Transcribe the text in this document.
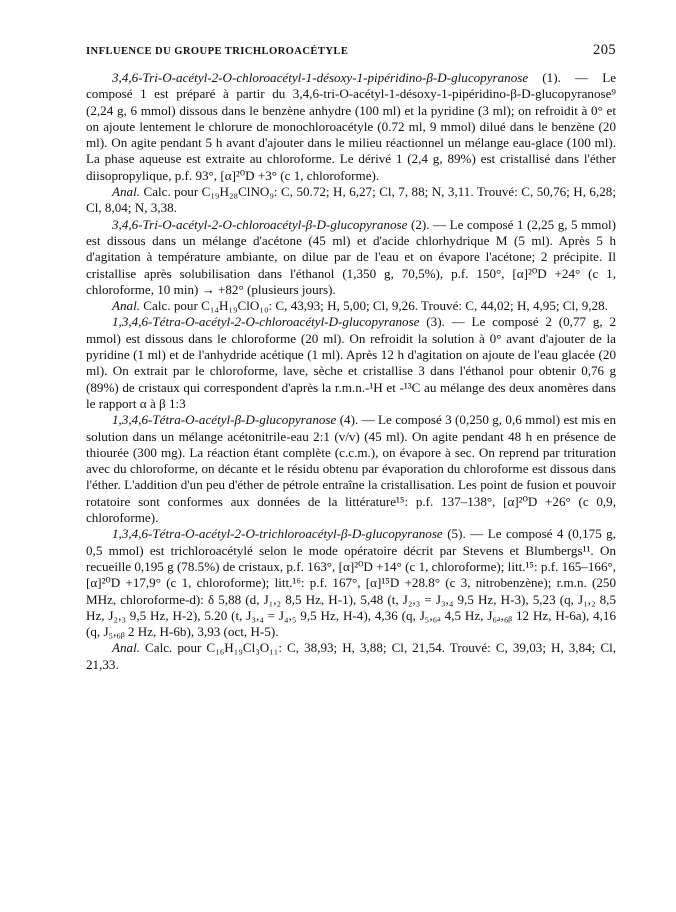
INFLUENCE DU GROUPE TRICHLOROACÉTYLE	205

3,4,6-Tri-O-acétyl-2-O-chloroacétyl-1-désoxy-1-pipéridino-β-D-glucopyranose (1). — Le composé 1 est préparé à partir du 3,4,6-tri-O-acétyl-1-désoxy-1-pipéridino-β-D-glucopyranose⁹ (2,24 g, 6 mmol) dissous dans le benzène anhydre (100 ml) et la pyridine (3 ml); on refroidit à 0° et on ajoute lentement le chlorure de monochloroacétyle (0.72 ml, 9 mmol) dilué dans le benzène (20 ml). On agite pendant 5 h avant d'ajouter dans le milieu réactionnel un mélange eau-glace (100 ml). La phase aqueuse est extraite au chloroforme. Le dérivé 1 (2,4 g, 89%) est cristallisé dans l'éther diisopropylique, p.f. 93°, [α]²⁰D +3° (c 1, chloroforme).

Anal. Calc. pour C₁₉H₂₈ClNO₉: C, 50.72; H, 6,27; Cl, 7, 88; N, 3,11. Trouvé: C, 50,76; H, 6,28; Cl, 8,04; N, 3,38.

3,4,6-Tri-O-acétyl-2-O-chloroacétyl-β-D-glucopyranose (2). — Le composé 1 (2,25 g, 5 mmol) est dissous dans un mélange d'acétone (45 ml) et d'acide chlorhydrique M (5 ml). Après 5 h d'agitation à température ambiante, on dilue par de l'eau et on évapore l'acétone; 2 précipite. Il cristallise après solubilisation dans l'éthanol (1,350 g, 70,5%), p.f. 150°, [α]²⁰D +24° (c 1, chloroforme, 10 min) → +82° (plusieurs jours).

Anal. Calc. pour C₁₄H₁₉ClO₁₀: C, 43,93; H, 5,00; Cl, 9,26. Trouvé: C, 44,02; H, 4,95; Cl, 9,28.

1,3,4,6-Tétra-O-acétyl-2-O-chloroacétyl-D-glucopyranose (3). — Le composé 2 (0,77 g, 2 mmol) est dissous dans le chloroforme (20 ml). On refroidit la solution à 0° avant d'ajouter de la pyridine (1 ml) et de l'anhydride acétique (1 ml). Après 12 h d'agitation on ajoute de l'eau glacée (20 ml). On extrait par le chloroforme, lave, sèche et cristallise 3 dans l'éthanol pour obtenir 0,76 g (89%) de cristaux qui correspondent d'après la r.m.n.-¹H et -¹³C au mélange des deux anomères dans le rapport α à β 1:3

1,3,4,6-Tétra-O-acétyl-β-D-glucopyranose (4). — Le composé 3 (0,250 g, 0,6 mmol) est mis en solution dans un mélange acétonitrile-eau 2:1 (v/v) (45 ml). On agite pendant 48 h en présence de thiourée (300 mg). La réaction étant complète (c.c.m.), on évapore à sec. On reprend par trituration avec du chloroforme, on décante et le résidu obtenu par évaporation du chloroforme est dissous dans l'éther. L'addition d'un peu d'éther de pétrole entraîne la cristallisation. Les point de fusion et pouvoir rotatoire sont conformes aux données de la littérature¹⁵: p.f. 137–138°, [α]²⁰D +26° (c 0,9, chloroforme).

1,3,4,6-Tétra-O-acétyl-2-O-trichloroacétyl-β-D-glucopyranose (5). — Le composé 4 (0,175 g, 0,5 mmol) est trichloroacétylé selon le mode opératoire décrit par Stevens et Blumbergs¹¹. On recueille 0,195 g (78.5%) de cristaux, p.f. 163°, [α]²⁰D +14° (c 1, chloroforme); litt.¹⁵: p.f. 165–166°, [α]²⁰D +17,9° (c 1, chloroforme); litt.¹⁶: p.f. 167°, [α]¹⁵D +28.8° (c 3, nitrobenzène); r.m.n. (250 MHz, chloroforme-d): δ 5,88 (d, J₁,₂ 8,5 Hz, H-1), 5,48 (t, J₂,₃ = J₃,₄ 9,5 Hz, H-3), 5,23 (q, J₁,₂ 8,5 Hz, J₂,₃ 9,5 Hz, H-2), 5.20 (t, J₃,₄ = J₄,₅ 9,5 Hz, H-4), 4,36 (q, J₅,₆ₐ 4,5 Hz, J₆ₐ,₆ᵦ 12 Hz, H-6a), 4,16 (q, J₅,₆ᵦ 2 Hz, H-6b), 3,93 (oct, H-5).

Anal. Calc. pour C₁₆H₁₉Cl₃O₁₁: C, 38,93; H, 3,88; Cl, 21,54. Trouvé: C, 39,03; H, 3,84; Cl, 21,33.
